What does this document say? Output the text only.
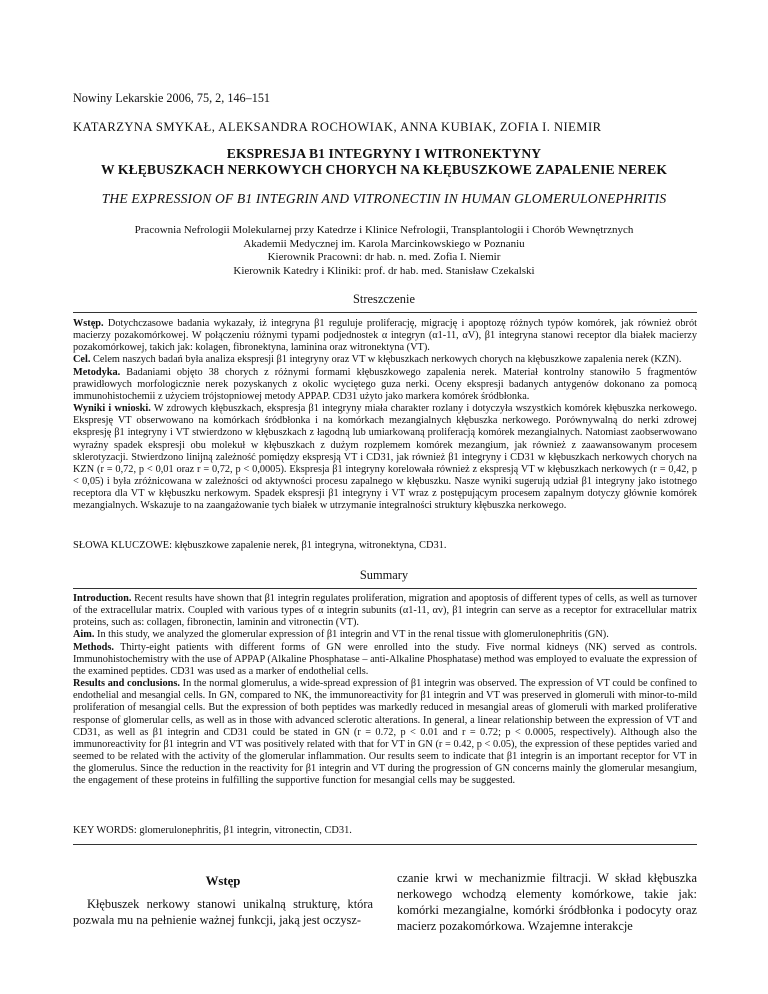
Nowiny Lekarskie 2006, 75, 2, 146–151
KATARZYNA SMYKAŁ, ALEKSANDRA ROCHOWIAK, ANNA KUBIAK, ZOFIA I. NIEMIR
EKSPRESJA B1 INTEGRYNY I WITRONEKTYNY
W KŁĘBUSZKACH NERKOWYCH CHORYCH NA KŁĘBUSZKOWE ZAPALENIE NEREK
THE EXPRESSION OF B1 INTEGRIN AND VITRONECTIN IN HUMAN GLOMERULONEPHRITIS
Pracownia Nefrologii Molekularnej przy Katedrze i Klinice Nefrologii, Transplantologii i Chorób Wewnętrznych
Akademii Medycznej im. Karola Marcinkowskiego w Poznaniu
Kierownik Pracowni: dr hab. n. med. Zofia I. Niemir
Kierownik Katedry i Kliniki: prof. dr hab. med. Stanisław Czekalski
Streszczenie

Wstęp. Dotychczasowe badania wykazały, iż integryna β1 reguluje proliferację, migrację i apoptozę różnych typów komórek, jak również obrót macierzy pozakomórkowej. W połączeniu różnymi typami podjednostek α integryn (α1-11, αV), β1 integryna stanowi receptor dla białek macierzy pozakomórkowej, takich jak: kolagen, fibronektyna, laminina oraz witronektyna (VT).

Cel. Celem naszych badań była analiza ekspresji β1 integryny oraz VT w kłębuszkach nerkowych chorych na kłębuszkowe zapalenia nerek (KZN).

Metodyka. Badaniami objęto 38 chorych z różnymi formami kłębuszkowego zapalenia nerek. Materiał kontrolny stanowiło 5 fragmentów prawidłowych morfologicznie nerek pozyskanych z okolic wyciętego guza nerki. Oceny ekspresji badanych antygenów dokonano za pomocą immunohistochemii z użyciem trójstopniowej metody APPAP. CD31 użyto jako markera komórek śródbłonka.

Wyniki i wnioski. W zdrowych kłębuszkach, ekspresja β1 integryny miała charakter rozlany i dotyczyła wszystkich komórek kłębuszka nerkowego. Ekspresję VT obserwowano na komórkach śródbłonka i na komórkach mezangialnych kłębuszka nerkowego. Porównywalną do nerki zdrowej ekspresję β1 integryny i VT stwierdzono w kłębuszkach z łagodną lub umiarkowaną proliferacją komórek mezangialnych. Natomiast zaobserwowano wyraźny spadek ekspresji obu molekuł w kłębuszkach z dużym rozplemem komórek mezangium, jak również z zaawansowanym procesem sklerotyzacji. Stwierdzono linijną zależność pomiędzy ekspresją VT i CD31, jak również β1 integryny i CD31 w kłębuszkach nerkowych chorych na KZN (r = 0,72, p < 0,01 oraz r = 0,72, p < 0,0005). Ekspresja β1 integryny korelowała również z ekspresją VT w kłębuszkach nerkowych (r = 0,42, p < 0,05) i była zróżnicowana w zależności od aktywności procesu zapalnego w kłębuszku. Nasze wyniki sugerują udział β1 integryny jako istotnego receptora dla VT w kłębuszku nerkowym. Spadek ekspresji β1 integryny i VT wraz z postępującym procesem zapalnym dotyczy głównie komórek mezangialnych. Wskazuje to na zaangażowanie tych białek w utrzymanie integralności struktury kłębuszka nerkowego.

SŁOWA KLUCZOWE: kłębuszkowe zapalenie nerek, β1 integryna, witronektyna, CD31.
Summary

Introduction. Recent results have shown that β1 integrin regulates proliferation, migration and apoptosis of different types of cells, as well as turnover of the extracellular matrix. Coupled with various types of α integrin subunits (α1-11, αv), β1 integrin can serve as a receptor for extracellular matrix proteins, such as: collagen, fibronectin, laminin and vitronectin (VT).

Aim. In this study, we analyzed the glomerular expression of β1 integrin and VT in the renal tissue with glomerulonephritis (GN).

Methods. Thirty-eight patients with different forms of GN were enrolled into the study. Five normal kidneys (NK) served as controls. Immunohistochemistry with the use of APPAP (Alkaline Phosphatase – anti-Alkaline Phosphatase) method was employed to evaluate the expression of the examined peptides. CD31 was used as a marker of endothelial cells.

Results and conclusions. In the normal glomerulus, a wide-spread expression of β1 integrin was observed. The expression of VT could be confined to endothelial and mesangial cells. In GN, compared to NK, the immunoreactivity for β1 integrin and VT was preserved in glomeruli with minor-to-mild proliferation of mesangial cells. But the expression of both peptides was markedly reduced in mesangial areas of glomeruli with marked proliferative response of glomerular cells, as well as in those with advanced sclerotic alterations. In general, a linear relationship between the expression of VT and CD31, as well as β1 integrin and CD31 could be stated in GN (r = 0.72, p < 0.01 and r = 0.72; p < 0.0005, respectively). Although also the immunoreactivity for β1 integrin and VT was positively related with that for VT in GN (r = 0.42, p < 0.05), the expression of these peptides varied and seemed to be related with the activity of the glomerular inflammation. Our results seem to indicate that β1 integrin is an important receptor for VT in the glomerulus. Since the reduction in the reactivity for β1 integrin and VT during the progression of GN concerns mainly the glomerular mesangium, the engagement of these proteins in fulfilling the supportive function for mesangial cells may be suggested.

KEY WORDS: glomerulonephritis, β1 integrin, vitronectin, CD31.
Wstęp

Kłębuszek nerkowy stanowi unikalną strukturę, która pozwala mu na pełnienie ważnej funkcji, jaką jest oczysz-

czanie krwi w mechanizmie filtracji. W skład kłębuszka nerkowego wchodzą elementy komórkowe, takie jak: komórki mezangialne, komórki śródbłonka i podocyty oraz macierz pozakomórkowa. Wzajemne interakcje
